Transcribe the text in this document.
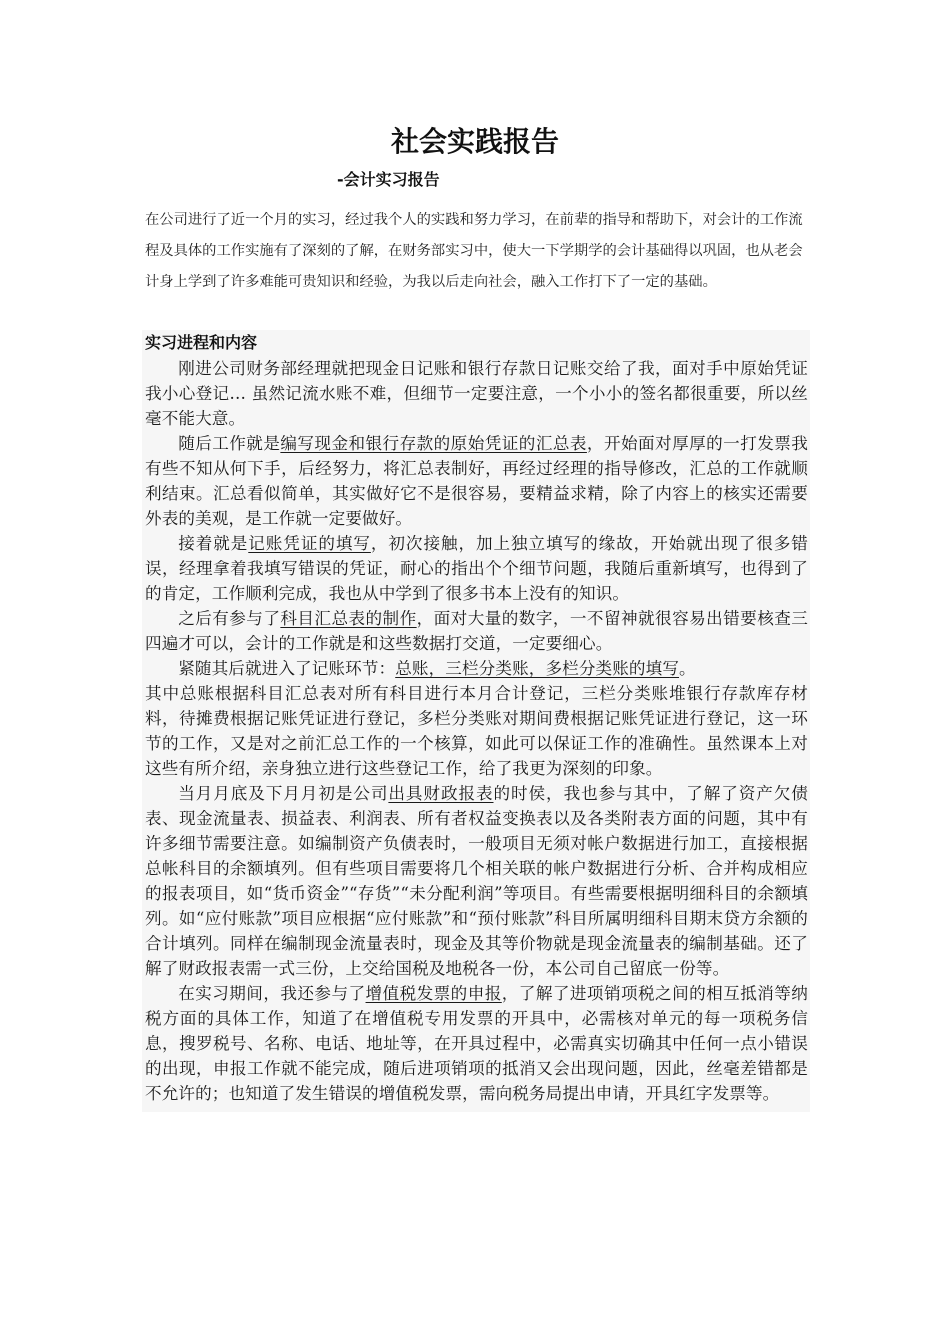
社会实践报告
-会计实习报告

在公司进行了近一个月的实习，经过我个人的实践和努力学习，在前辈的指导和帮助下，对会计的工作流程及具体的工作实施有了深刻的了解，在财务部实习中，使大一下学期学的会计基础得以巩固，也从老会计身上学到了许多难能可贵知识和经验，为我以后走向社会，融入工作打下了一定的基础。

实习进程和内容

刚进公司财务部经理就把现金日记账和银行存款日记账交给了我，面对手中原始凭证我小心登记… 虽然记流水账不难，但细节一定要注意，一个小小的签名都很重要，所以丝毫不能大意。

随后工作就是编写现金和银行存款的原始凭证的汇总表，开始面对厚厚的一打发票我有些不知从何下手，后经努力，将汇总表制好，再经过经理的指导修改，汇总的工作就顺利结束。汇总看似简单，其实做好它不是很容易，要精益求精，除了内容上的核实还需要外表的美观，是工作就一定要做好。

接着就是记账凭证的填写，初次接触，加上独立填写的缘故，开始就出现了很多错误，经理拿着我填写错误的凭证，耐心的指出个个细节问题，我随后重新填写，也得到了的肯定，工作顺利完成，我也从中学到了很多书本上没有的知识。

之后有参与了科目汇总表的制作，面对大量的数字，一不留神就很容易出错要核查三四遍才可以，会计的工作就是和这些数据打交道，一定要细心。

紧随其后就进入了记账环节：总账，三栏分类账，多栏分类账的填写。

其中总账根据科目汇总表对所有科目进行本月合计登记，三栏分类账堆银行存款库存材料，待摊费根据记账凭证进行登记，多栏分类账对期间费根据记账凭证进行登记，这一环节的工作，又是对之前汇总工作的一个核算，如此可以保证工作的准确性。虽然课本上对这些有所介绍，亲身独立进行这些登记工作，给了我更为深刻的印象。

当月月底及下月月初是公司出具财政报表的时侯，我也参与其中，了解了资产欠债表、现金流量表、损益表、利润表、所有者权益变换表以及各类附表方面的问题，其中有许多细节需要注意。如编制资产负债表时，一般项目无须对帐户数据进行加工，直接根据总帐科目的余额填列。但有些项目需要将几个相关联的帐户数据进行分析、合并构成相应的报表项目，如“货币资金”“存货”“未分配利润”等项目。有些需要根据明细科目的余额填列。如“应付账款”项目应根据“应付账款”和“预付账款”科目所属明细科目期末贷方余额的合计填列。同样在编制现金流量表时，现金及其等价物就是现金流量表的编制基础。还了解了财政报表需一式三份，上交给国税及地税各一份，本公司自己留底一份等。

在实习期间，我还参与了增值税发票的申报，了解了进项销项税之间的相互抵消等纳税方面的具体工作，知道了在增值税专用发票的开具中，必需核对单元的每一项税务信息，搜罗税号、名称、电话、地址等，在开具过程中，必需真实切确其中任何一点小错误的出现，申报工作就不能完成，随后进项销项的抵消又会出现问题，因此，丝毫差错都是不允许的；也知道了发生错误的增值税发票，需向税务局提出申请，开具红字发票等。
